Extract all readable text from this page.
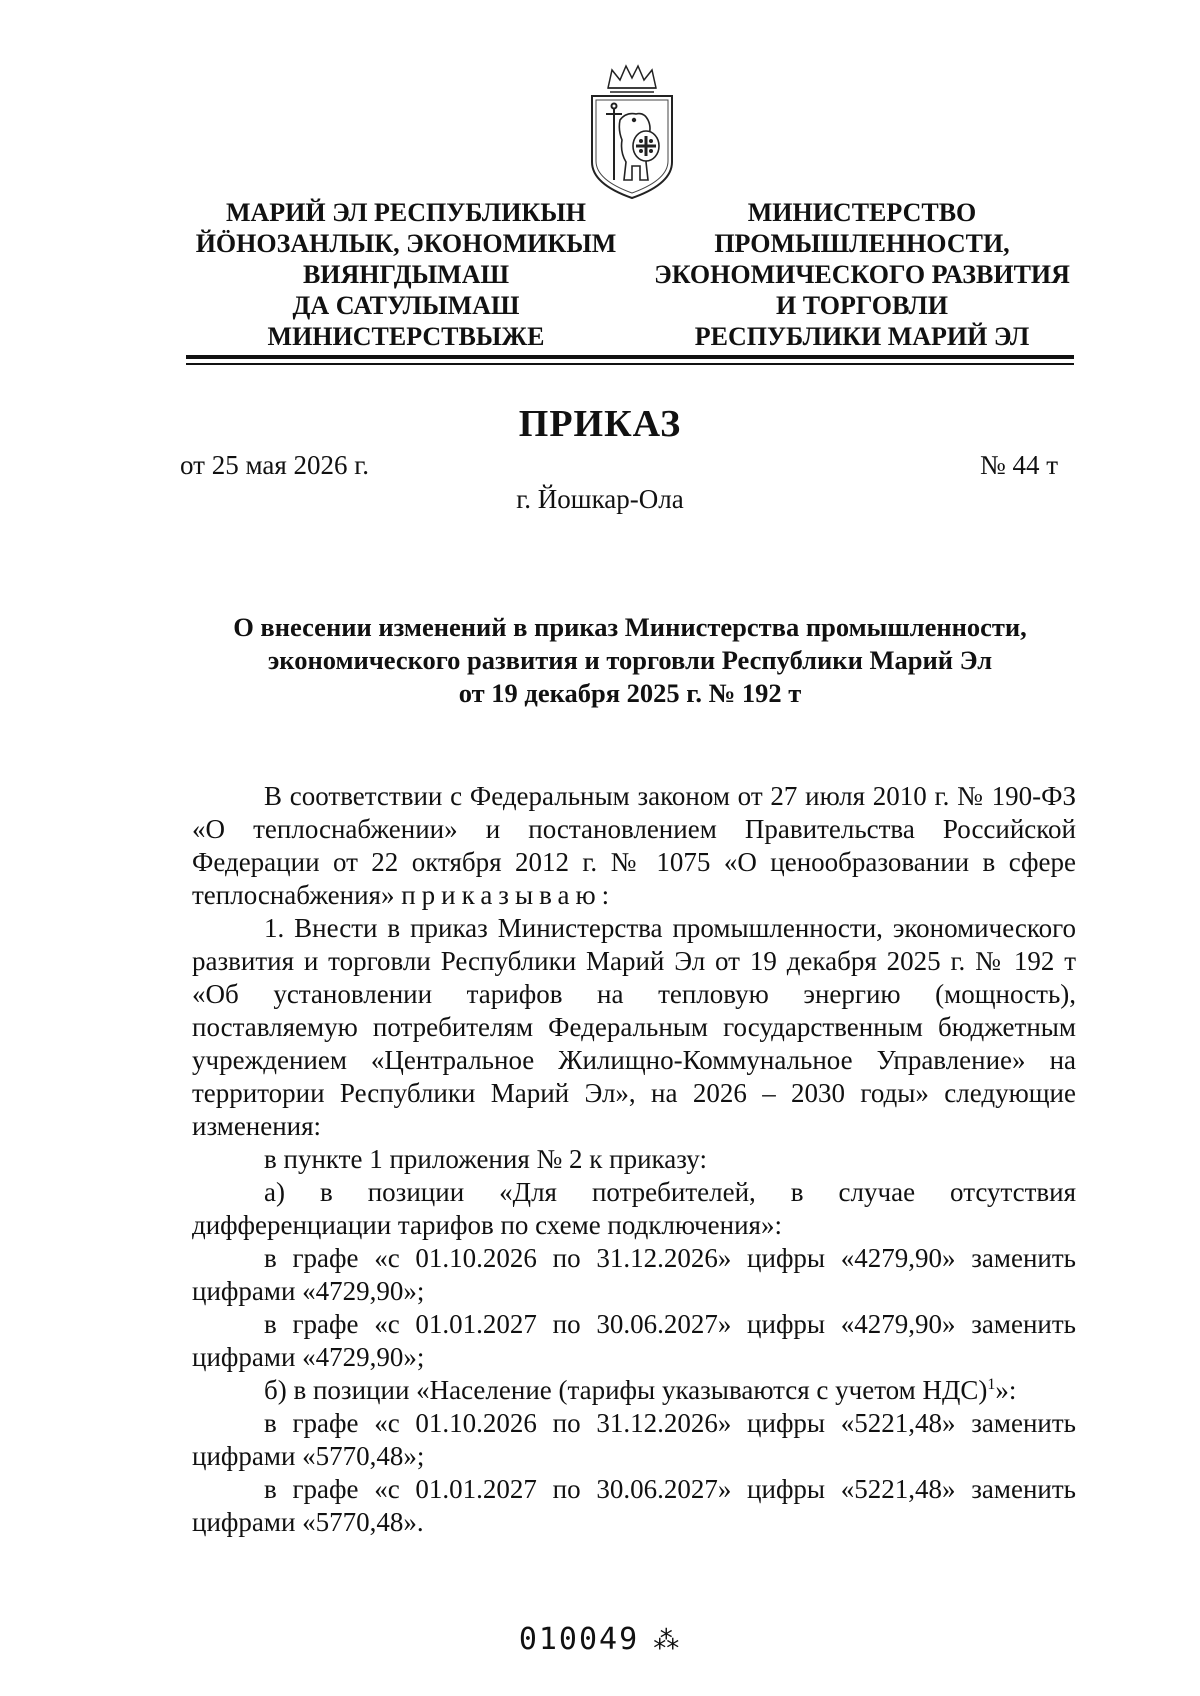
МАРИЙ ЭЛ РЕСПУБЛИКЫН
ЙӦНОЗАНЛЫК, ЭКОНОМИКЫМ
ВИЯНГДЫМАШ
ДА САТУЛЫМАШ
МИНИСТЕРСТВЫЖЕ
МИНИСТЕРСТВО
ПРОМЫШЛЕННОСТИ,
ЭКОНОМИЧЕСКОГО РАЗВИТИЯ
И ТОРГОВЛИ
РЕСПУБЛИКИ МАРИЙ ЭЛ
ПРИКАЗ
от 25 мая 2026 г.	№ 44 т
г. Йошкар-Ола
О внесении изменений в приказ Министерства промышленности,
экономического развития и торговли Республики Марий Эл
от 19 декабря 2025 г. № 192 т

В соответствии с Федеральным законом от 27 июля 2010 г. № 190-ФЗ «О теплоснабжении» и постановлением Правительства Российской Федерации от 22 октября 2012 г. № 1075 «О ценообразовании в сфере теплоснабжения» приказываю:

1. Внести в приказ Министерства промышленности, экономического развития и торговли Республики Марий Эл от 19 декабря 2025 г. № 192 т «Об установлении тарифов на тепловую энергию (мощность), поставляемую потребителям Федеральным государственным бюджетным учреждением «Центральное Жилищно-Коммунальное Управление» на территории Республики Марий Эл», на 2026 – 2030 годы» следующие изменения:

в пункте 1 приложения № 2 к приказу:

а) в позиции «Для потребителей, в случае отсутствия дифференциации тарифов по схеме подключения»:

в графе «с 01.10.2026 по 31.12.2026» цифры «4279,90» заменить цифрами «4729,90»;

в графе «с 01.01.2027 по 30.06.2027» цифры «4279,90» заменить цифрами «4729,90»;

б) в позиции «Население (тарифы указываются с учетом НДС)$^1$»:

в графе «с 01.10.2026 по 31.12.2026» цифры «5221,48» заменить цифрами «5770,48»;

в графе «с 01.01.2027 по 30.06.2027» цифры «5221,48» заменить цифрами «5770,48».

010049 ⁂
